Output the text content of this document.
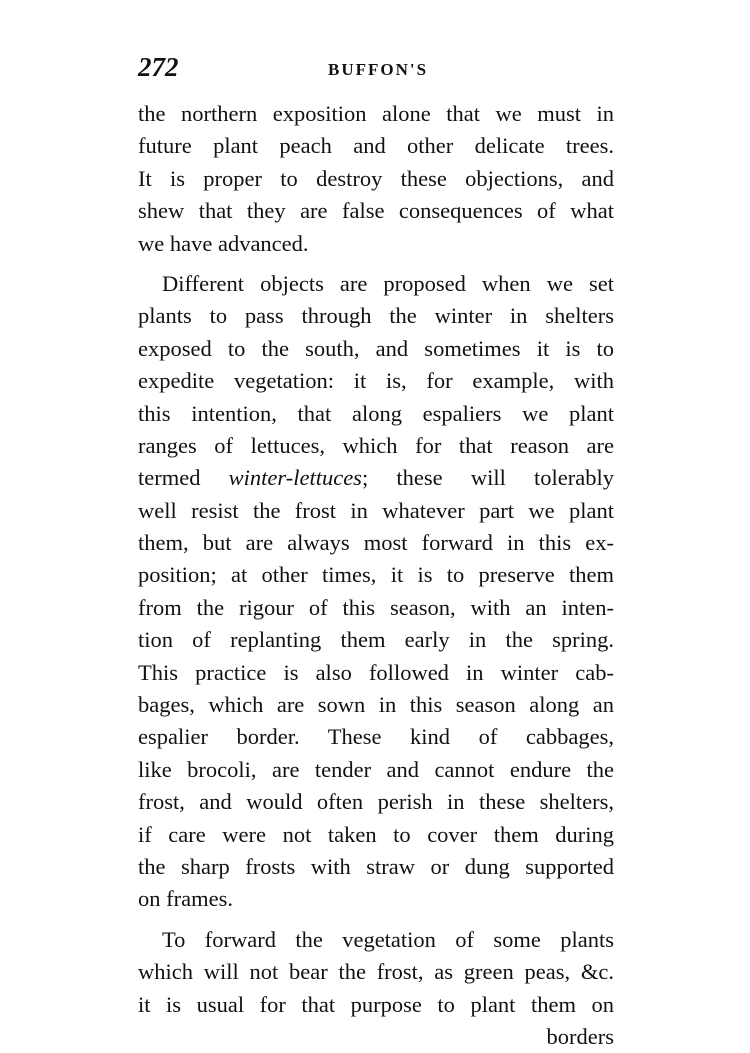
272	BUFFON'S
the northern exposition alone that we must in
future plant peach and other delicate trees.
It is proper to destroy these objections, and
shew that they are false consequences of what
we have advanced.
Different objects are proposed when we set
plants to pass through the winter in shelters
exposed to the south, and sometimes it is to
expedite vegetation: it is, for example, with
this intention, that along espaliers we plant
ranges of lettuces, which for that reason are
termed winter-lettuces; these will tolerably
well resist the frost in whatever part we plant
them, but are always most forward in this ex-
position; at other times, it is to preserve them
from the rigour of this season, with an inten-
tion of replanting them early in the spring.
This practice is also followed in winter cab-
bages, which are sown in this season along an
espalier border. These kind of cabbages,
like brocoli, are tender and cannot endure the
frost, and would often perish in these shelters,
if care were not taken to cover them during
the sharp frosts with straw or dung supported
on frames.
To forward the vegetation of some plants
which will not bear the frost, as green peas, &c.
it is usual for that purpose to plant them on
borders
